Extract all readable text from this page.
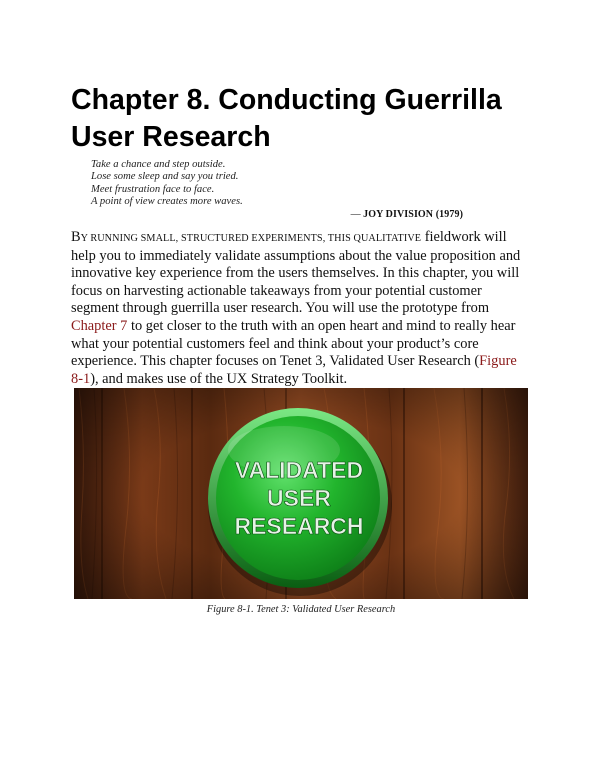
Chapter 8. Conducting Guerrilla
User Research
Take a chance and step outside.
Lose some sleep and say you tried.
Meet frustration face to face.
A point of view creates more waves.
— JOY DIVISION (1979)
BY RUNNING SMALL, STRUCTURED EXPERIMENTS, THIS QUALITATIVE fieldwork will help you to immediately validate assumptions about the value proposition and innovative key experience from the users themselves. In this chapter, you will focus on harvesting actionable takeaways from your potential customer segment through guerrilla user research. You will use the prototype from Chapter 7 to get closer to the truth with an open heart and mind to really hear what your potential customers feel and think about your product’s core experience. This chapter focuses on Tenet 3, Validated User Research (Figure 8-1), and makes use of the UX Strategy Toolkit.
VALIDATED
USER
RESEARCH
Figure 8-1. Tenet 3: Validated User Research
